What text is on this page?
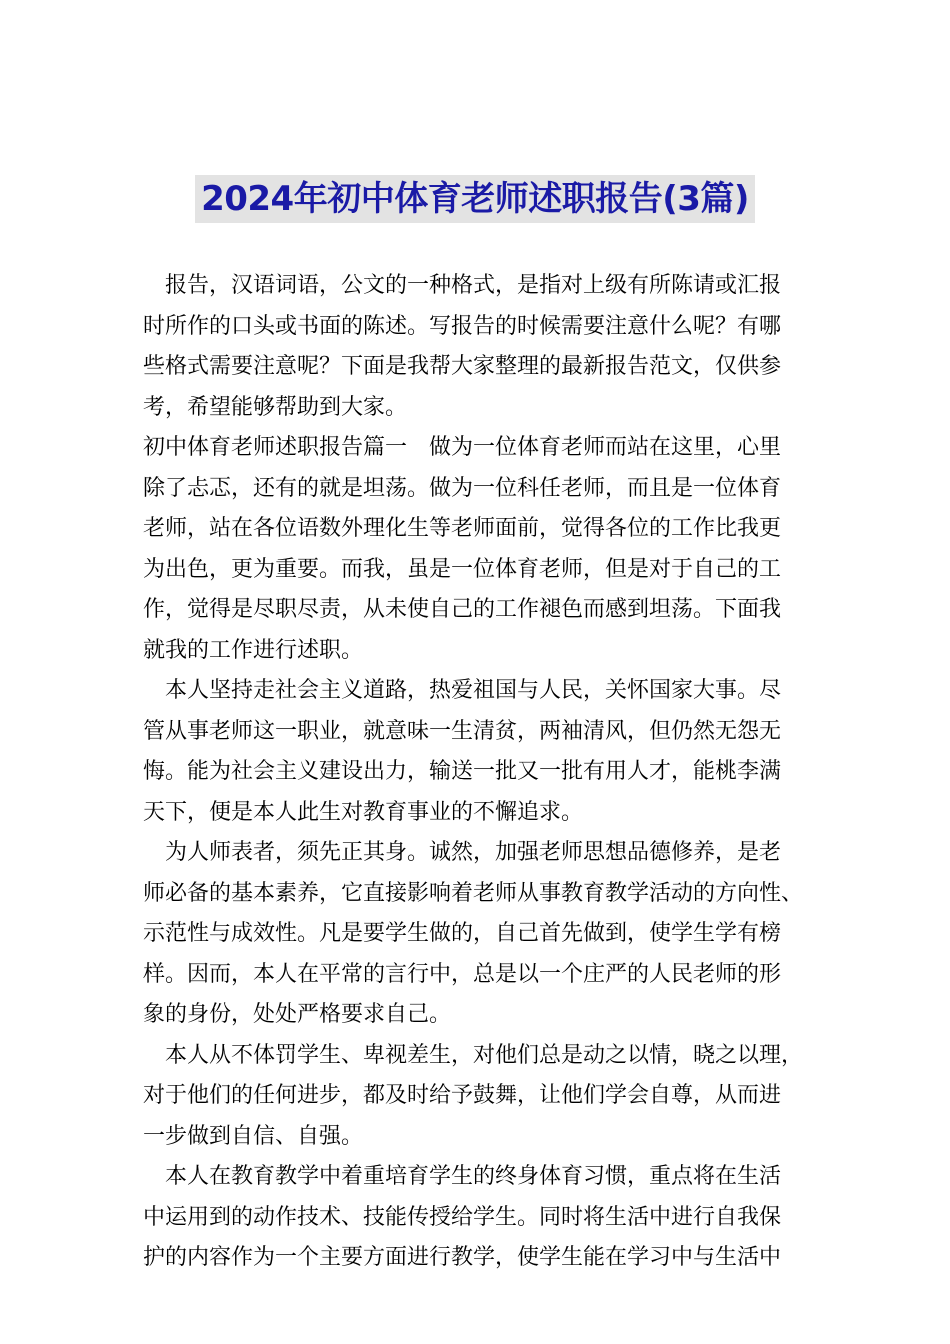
2024年初中体育老师述职报告(3篇)

报告，汉语词语，公文的一种格式，是指对上级有所陈请或汇报
时所作的口头或书面的陈述。写报告的时候需要注意什么呢？有哪
些格式需要注意呢？下面是我帮大家整理的最新报告范文，仅供参
考，希望能够帮助到大家。

初中体育老师述职报告篇一　做为一位体育老师而站在这里，心里
除了忐忑，还有的就是坦荡。做为一位科任老师，而且是一位体育
老师，站在各位语数外理化生等老师面前，觉得各位的工作比我更
为出色，更为重要。而我，虽是一位体育老师，但是对于自己的工
作，觉得是尽职尽责，从未使自己的工作褪色而感到坦荡。下面我
就我的工作进行述职。

本人坚持走社会主义道路，热爱祖国与人民，关怀国家大事。尽
管从事老师这一职业，就意味一生清贫，两袖清风，但仍然无怨无
悔。能为社会主义建设出力，输送一批又一批有用人才，能桃李满
天下，便是本人此生对教育事业的不懈追求。

为人师表者，须先正其身。诚然，加强老师思想品德修养，是老
师必备的基本素养，它直接影响着老师从事教育教学活动的方向性、
示范性与成效性。凡是要学生做的，自己首先做到，使学生学有榜
样。因而，本人在平常的言行中，总是以一个庄严的人民老师的形
象的身份，处处严格要求自己。

本人从不体罚学生、卑视差生，对他们总是动之以情，晓之以理，
对于他们的任何进步，都及时给予鼓舞，让他们学会自尊，从而进
一步做到自信、自强。

本人在教育教学中着重培育学生的终身体育习惯，重点将在生活
中运用到的动作技术、技能传授给学生。同时将生活中进行自我保
护的内容作为一个主要方面进行教学，使学生能在学习中与生活中
